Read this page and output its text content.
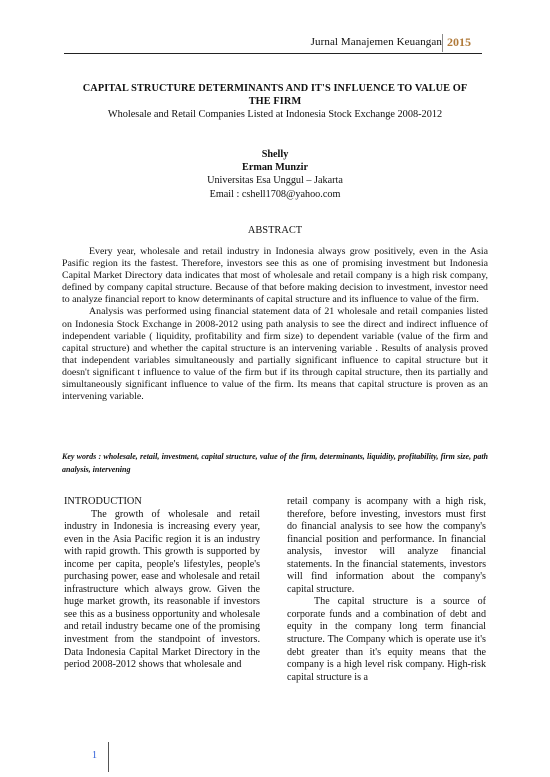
Jurnal Manajemen Keuangan 2015
CAPITAL STRUCTURE DETERMINANTS AND IT'S INFLUENCE TO VALUE OF
THE FIRM
Wholesale and Retail Companies Listed at Indonesia Stock Exchange 2008-2012
Shelly
Erman Munzir
Universitas Esa Unggul – Jakarta
Email : cshell1708@yahoo.com
ABSTRACT

Every year, wholesale and retail industry in Indonesia always grow positively, even in the Asia Pasific region its the fastest. Therefore, investors see this as one of promising investment but Indonesia Capital Market Directory data indicates that most of wholesale and retail company is a high risk company, defined by company capital structure. Because of that before making decision to investment, investor need to analyze financial report to know determinants of capital structure and its influence to value of the firm.

Analysis was performed using financial statement data of 21 wholesale and retail companies listed on Indonesia Stock Exchange in 2008-2012 using path analysis to see the direct and indirect influence of independent variable ( liquidity, profitability and firm size) to dependent variable (value of the firm and capital structure) and whether the capital structure is an intervening variable . Results of analysis proved that independent variables simultaneously and partially significant influence to capital structure but it doesn't significant t influence to value of the firm but if its through capital structure, then its partially and simultaneously significant influence to value of the firm. Its means that capital structure is proven as an intervening variable.

Key words : wholesale, retail, investment, capital structure, value of the firm, determinants, liquidity, profitability, firm size, path analysis, intervening
INTRODUCTION

The growth of wholesale and retail industry in Indonesia is increasing every year, even in the Asia Pacific region it is an industry with rapid growth. This growth is supported by income per capita, people's lifestyles, people's purchasing power, ease and wholesale and retail infrastructure which always grow. Given the huge market growth, its reasonable if investors see this as a business opportunity and wholesale and retail industry became one of the promising investment from the standpoint of investors. Data Indonesia Capital Market Directory in the period 2008-2012 shows that wholesale and

retail company is acompany with a high risk, therefore, before investing, investors must first do financial analysis to see how the company's financial position and performance. In financial analysis, investor will analyze financial statements. In the financial statements, investors will find information about the company's capital structure.

The capital structure is a source of corporate funds and a combination of debt and equity in the company long term financial structure. The Company which is operate use it's debt greater than it's equity means that the company is a high level risk company. High-risk capital structure is a

1
